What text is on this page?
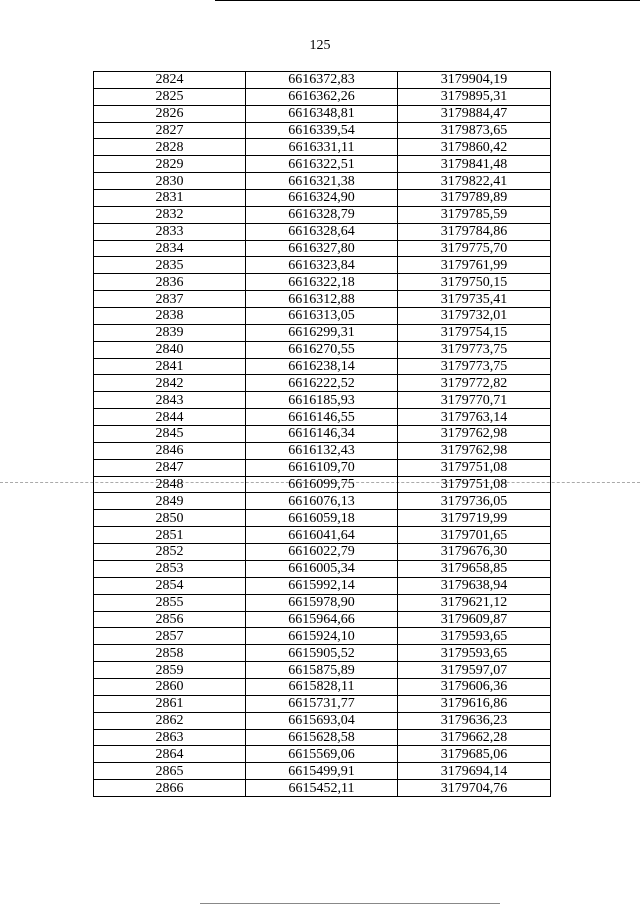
125
2824	6616372,83	3179904,19
2825	6616362,26	3179895,31
2826	6616348,81	3179884,47
2827	6616339,54	3179873,65
2828	6616331,11	3179860,42
2829	6616322,51	3179841,48
2830	6616321,38	3179822,41
2831	6616324,90	3179789,89
2832	6616328,79	3179785,59
2833	6616328,64	3179784,86
2834	6616327,80	3179775,70
2835	6616323,84	3179761,99
2836	6616322,18	3179750,15
2837	6616312,88	3179735,41
2838	6616313,05	3179732,01
2839	6616299,31	3179754,15
2840	6616270,55	3179773,75
2841	6616238,14	3179773,75
2842	6616222,52	3179772,82
2843	6616185,93	3179770,71
2844	6616146,55	3179763,14
2845	6616146,34	3179762,98
2846	6616132,43	3179762,98
2847	6616109,70	3179751,08
2848	6616099,75	3179751,08
2849	6616076,13	3179736,05
2850	6616059,18	3179719,99
2851	6616041,64	3179701,65
2852	6616022,79	3179676,30
2853	6616005,34	3179658,85
2854	6615992,14	3179638,94
2855	6615978,90	3179621,12
2856	6615964,66	3179609,87
2857	6615924,10	3179593,65
2858	6615905,52	3179593,65
2859	6615875,89	3179597,07
2860	6615828,11	3179606,36
2861	6615731,77	3179616,86
2862	6615693,04	3179636,23
2863	6615628,58	3179662,28
2864	6615569,06	3179685,06
2865	6615499,91	3179694,14
2866	6615452,11	3179704,76
